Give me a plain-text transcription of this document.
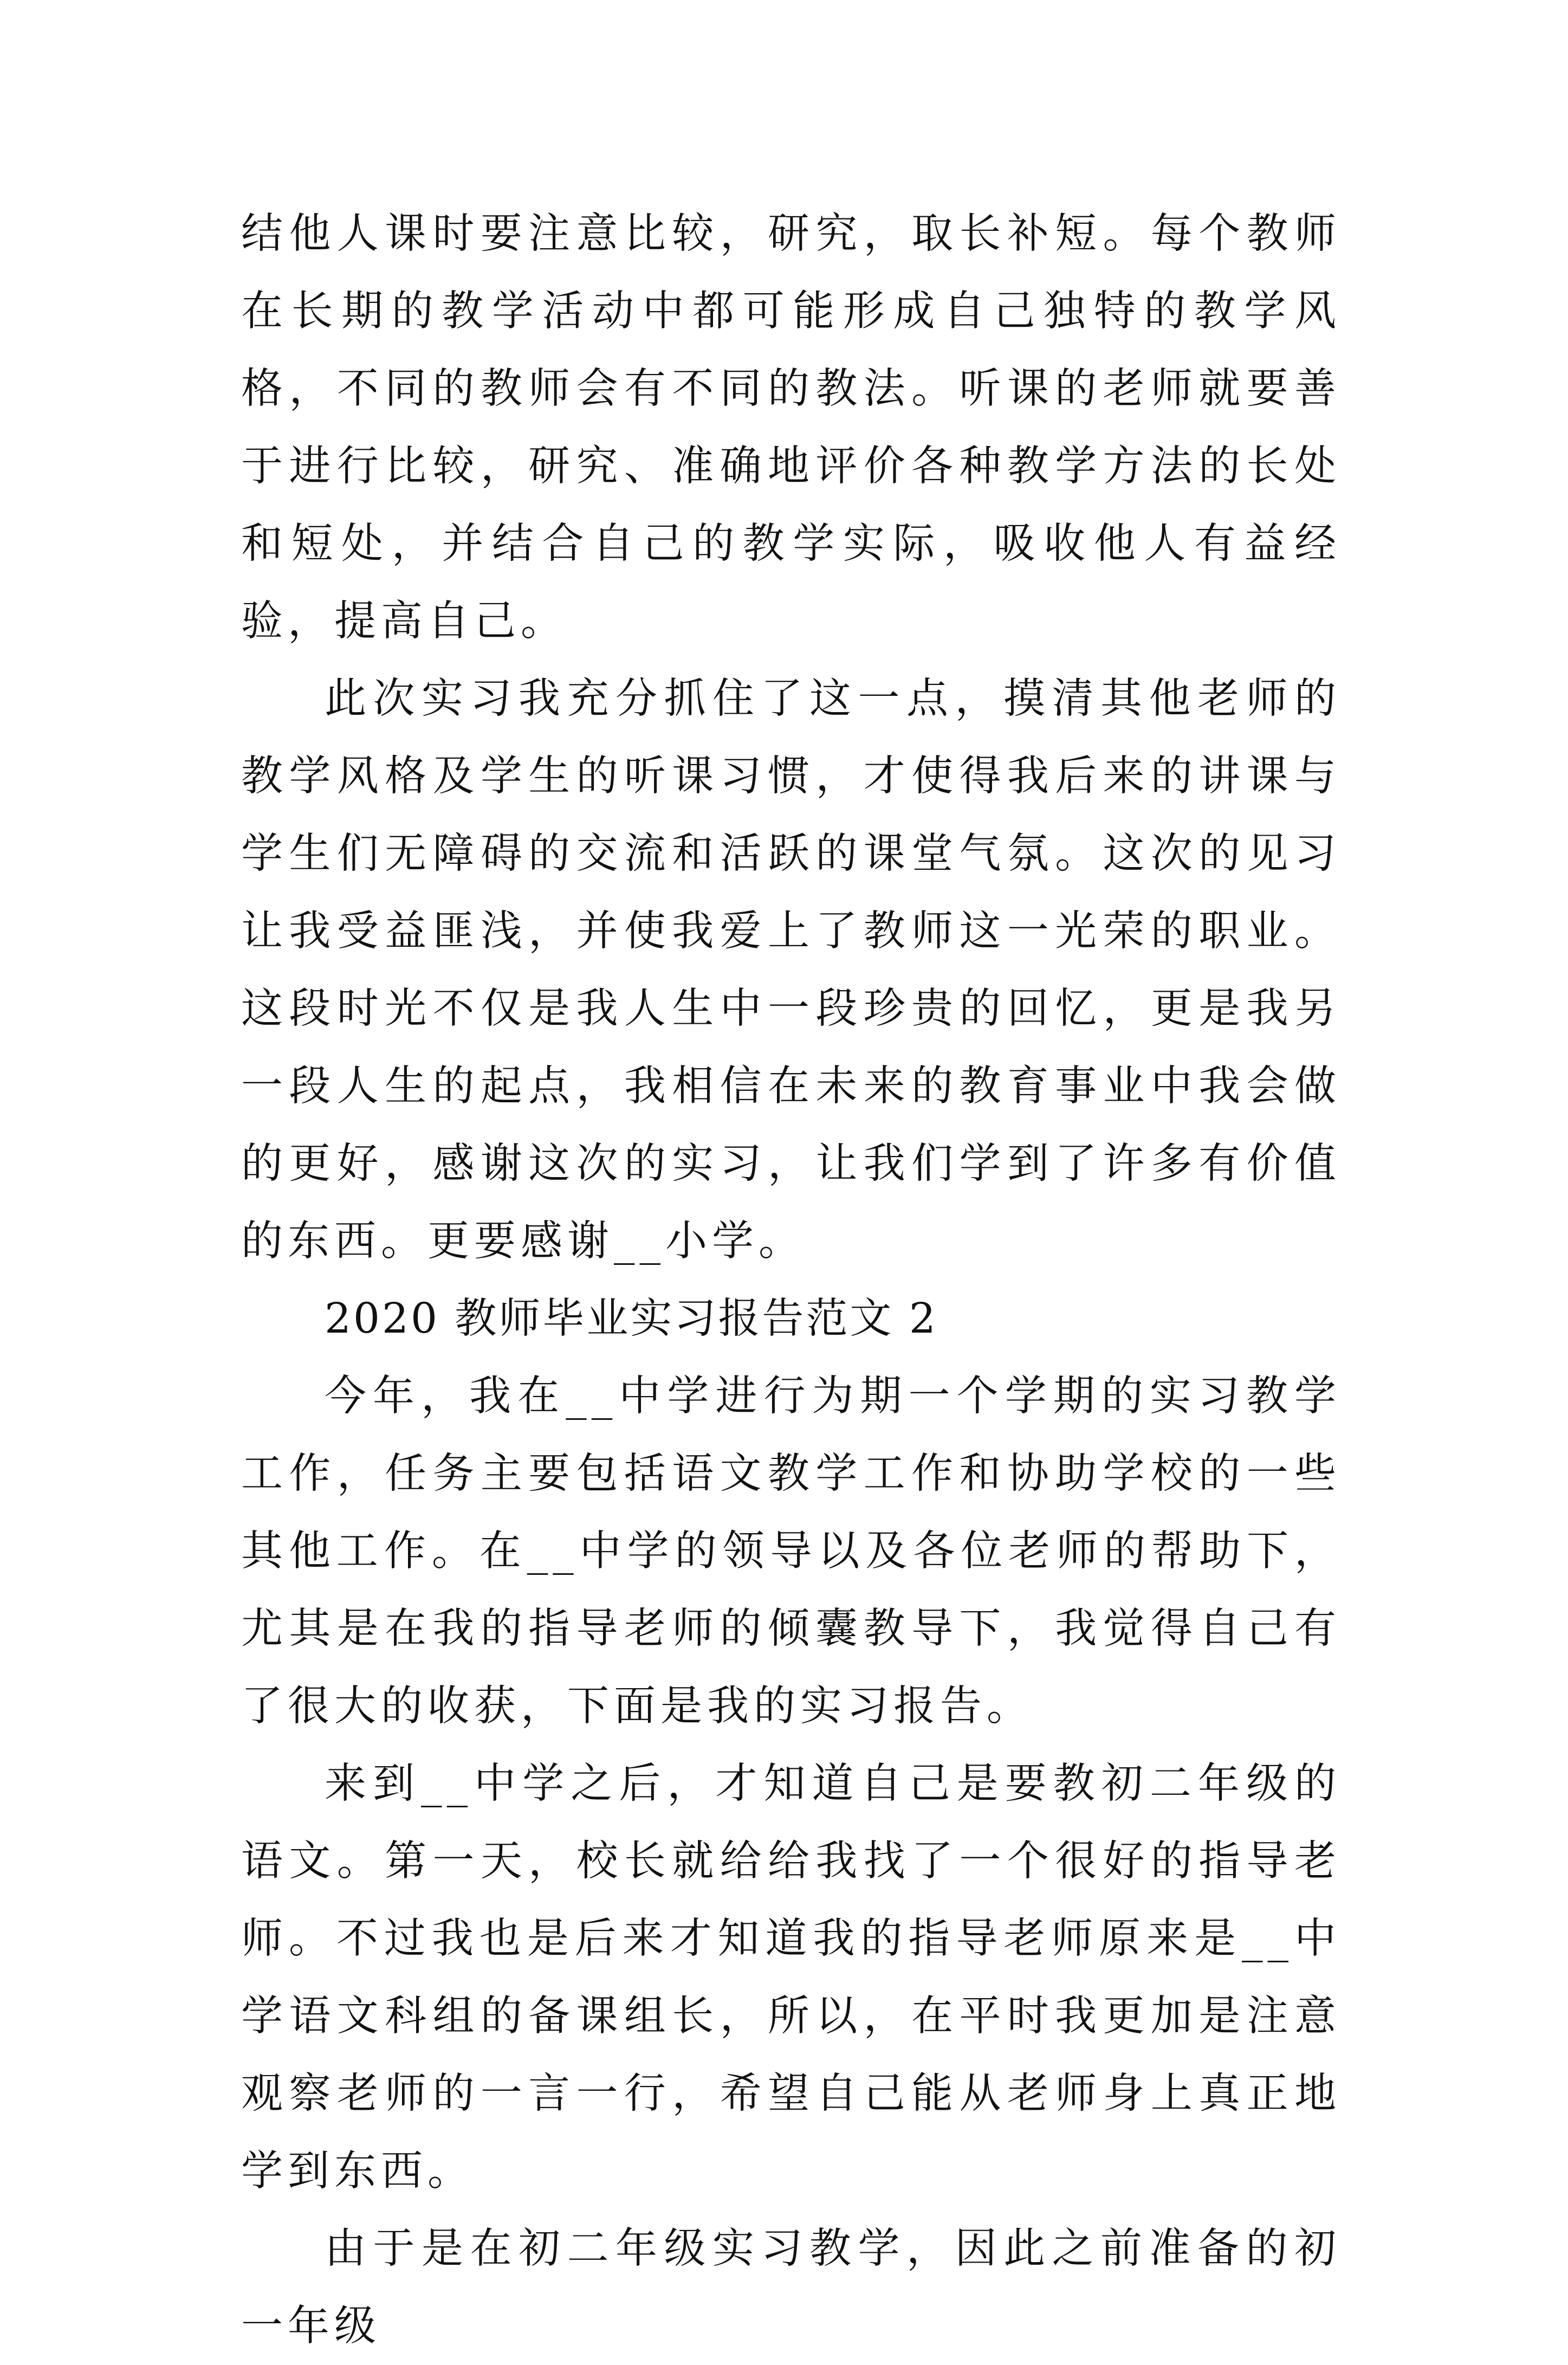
结他人课时要注意比较，研究，取长补短。每个教师在长期的教学活动中都可能形成自己独特的教学风格，不同的教师会有不同的教法。听课的老师就要善于进行比较，研究、准确地评价各种教学方法的长处和短处，并结合自己的教学实际，吸收他人有益经验，提高自己。

此次实习我充分抓住了这一点，摸清其他老师的教学风格及学生的听课习惯，才使得我后来的讲课与学生们无障碍的交流和活跃的课堂气氛。这次的见习让我受益匪浅，并使我爱上了教师这一光荣的职业。这段时光不仅是我人生中一段珍贵的回忆，更是我另一段人生的起点，我相信在未来的教育事业中我会做的更好，感谢这次的实习，让我们学到了许多有价值的东西。更要感谢__小学。

2020 教师毕业实习报告范文 2

今年，我在__中学进行为期一个学期的实习教学工作，任务主要包括语文教学工作和协助学校的一些其他工作。在__中学的领导以及各位老师的帮助下，尤其是在我的指导老师的倾囊教导下，我觉得自己有了很大的收获，下面是我的实习报告。

来到__中学之后，才知道自己是要教初二年级的语文。第一天，校长就给给我找了一个很好的指导老师。不过我也是后来才知道我的指导老师原来是__中学语文科组的备课组长，所以，在平时我更加是注意观察老师的一言一行，希望自己能从老师身上真正地学到东西。

由于是在初二年级实习教学，因此之前准备的初一年级
